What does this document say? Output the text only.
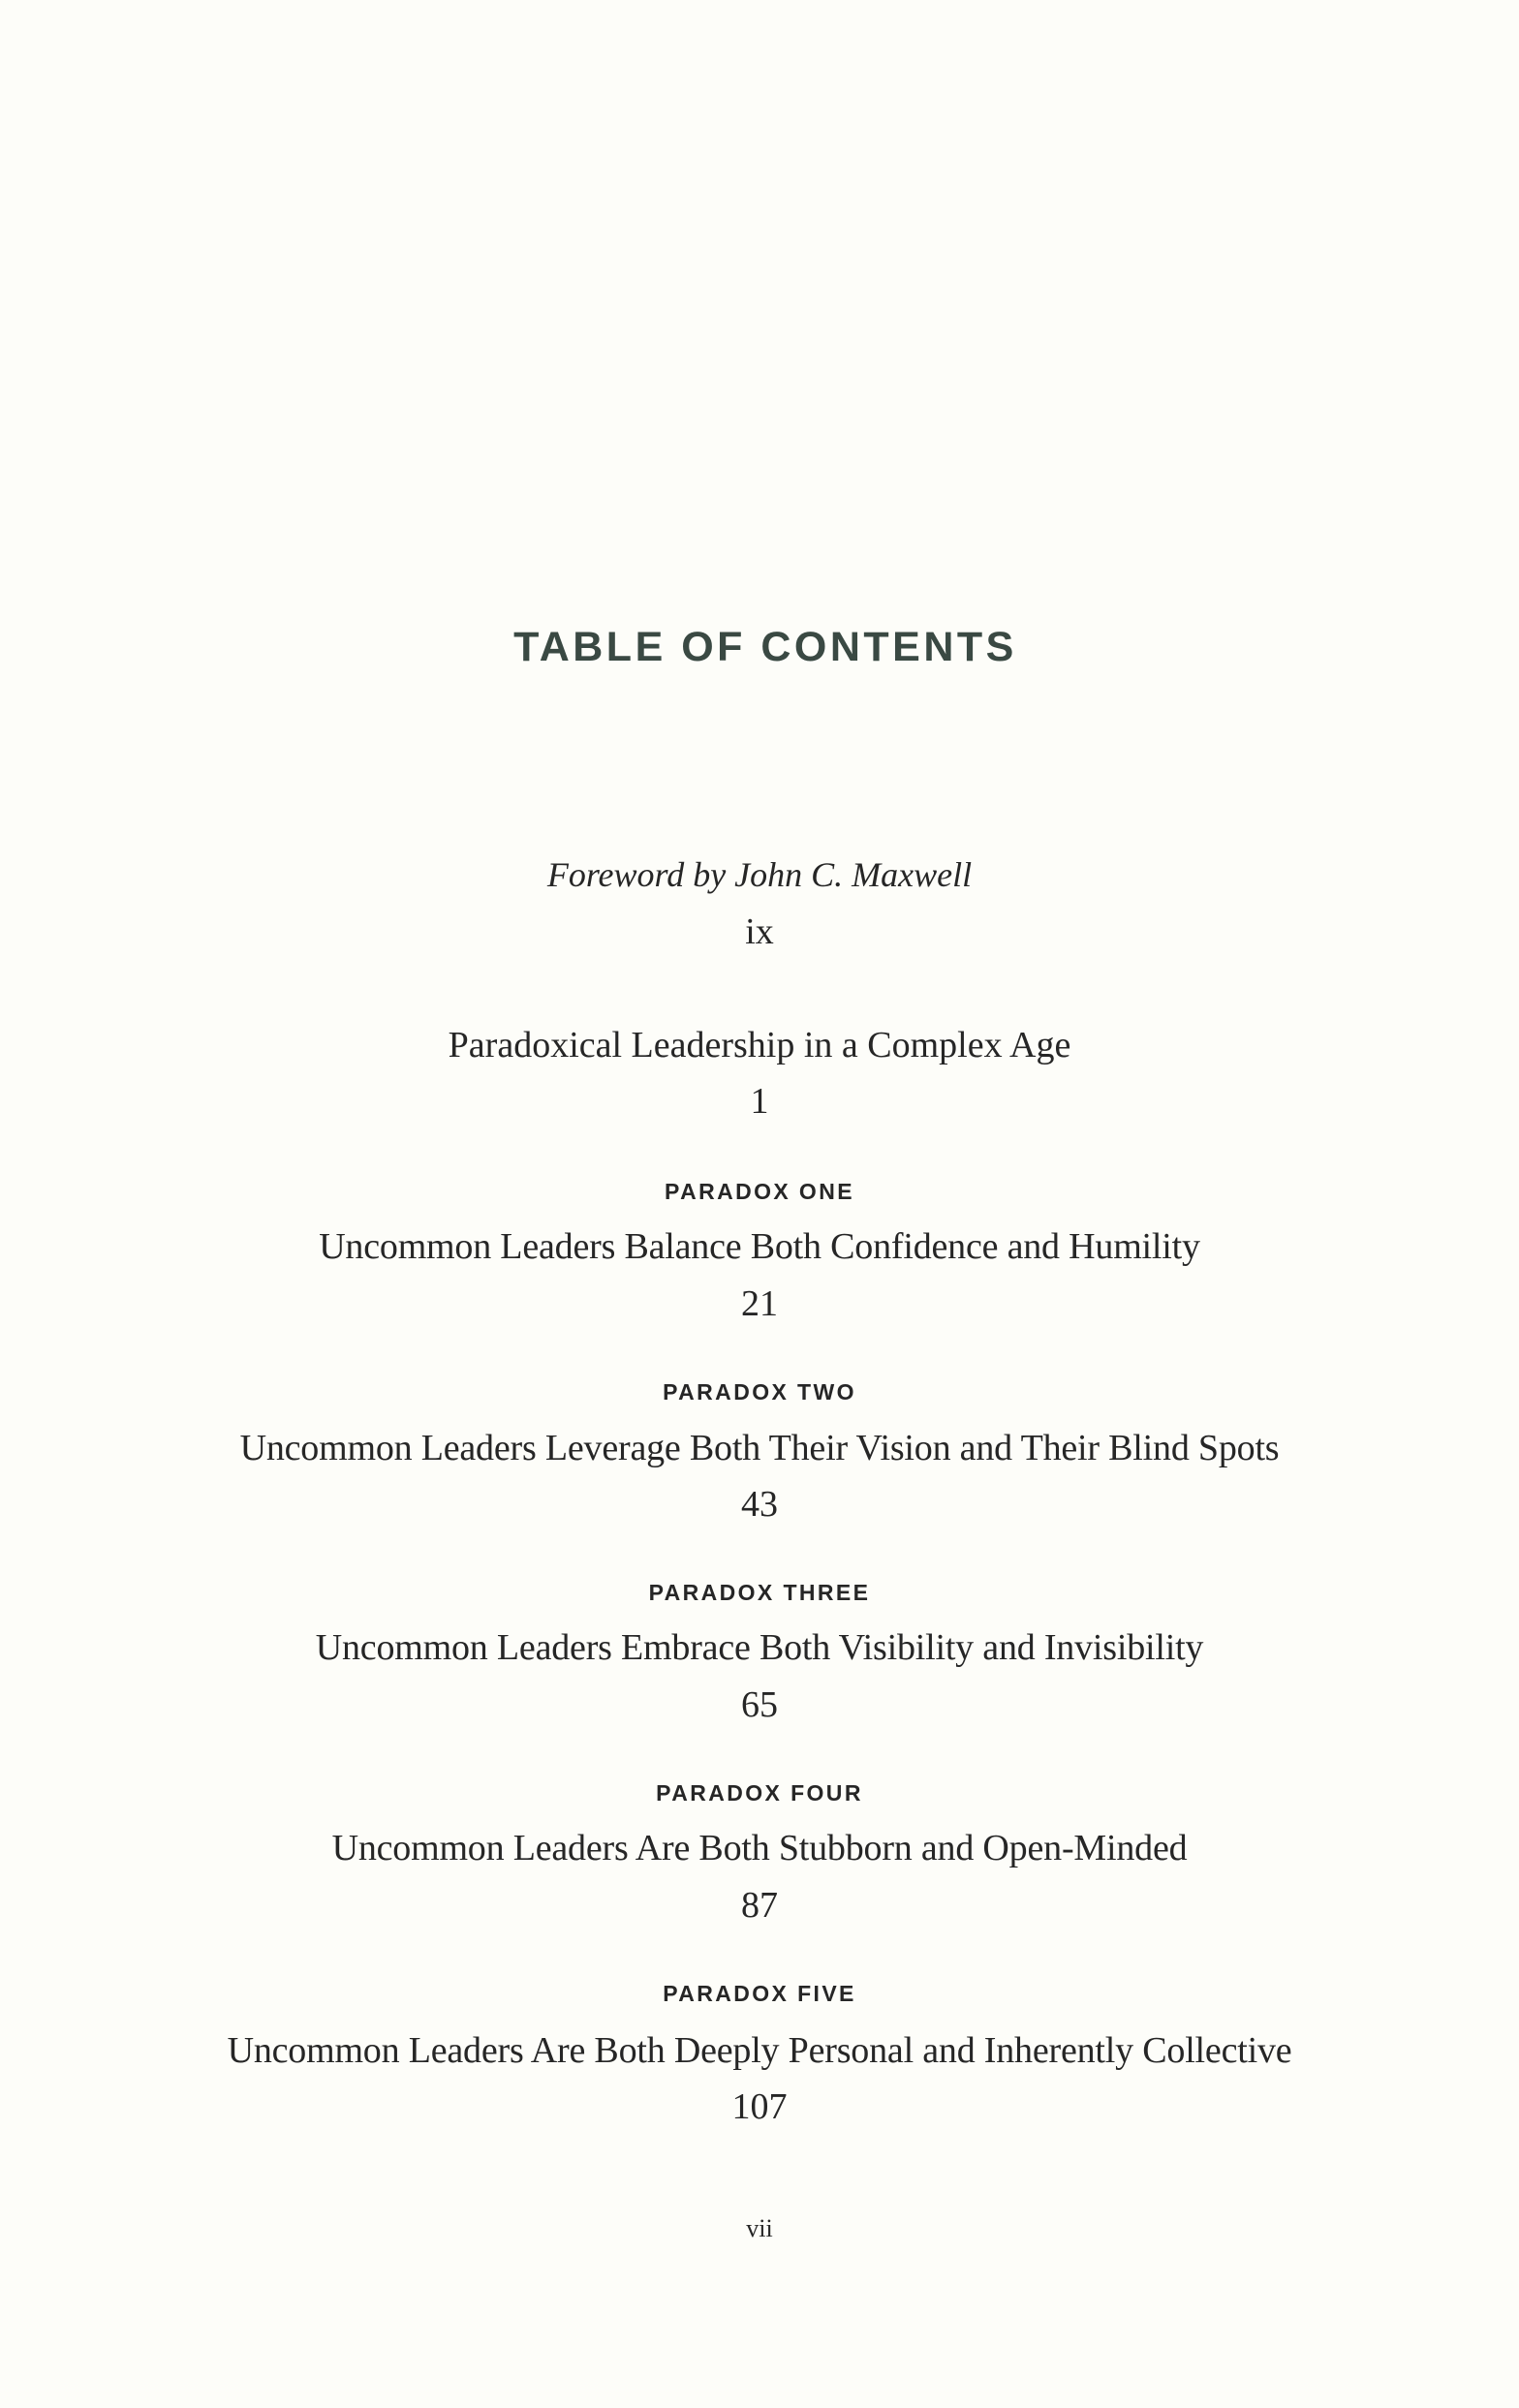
TABLE OF CONTENTS
Foreword by John C. Maxwell
ix
Paradoxical Leadership in a Complex Age
1
PARADOX ONE
Uncommon Leaders Balance Both Confidence and Humility
21
PARADOX TWO
Uncommon Leaders Leverage Both Their Vision and Their Blind Spots
43
PARADOX THREE
Uncommon Leaders Embrace Both Visibility and Invisibility
65
PARADOX FOUR
Uncommon Leaders Are Both Stubborn and Open-Minded
87
PARADOX FIVE
Uncommon Leaders Are Both Deeply Personal and Inherently Collective
107
vii
